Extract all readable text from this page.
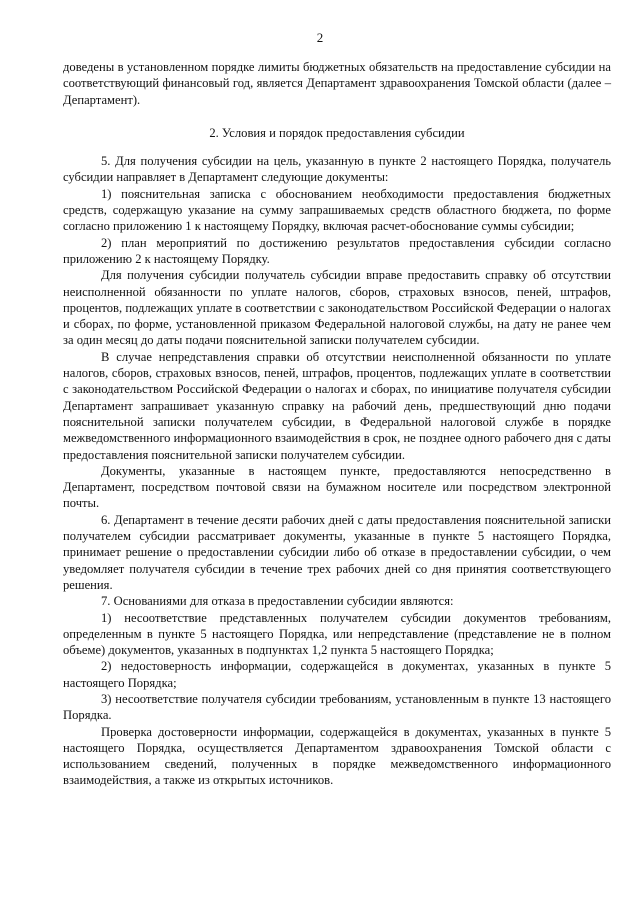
2

доведены в установленном порядке лимиты бюджетных обязательств на предоставление субсидии на соответствующий финансовый год, является Департамент здравоохранения Томской области (далее – Департамент).

2. Условия и порядок предоставления субсидии

5. Для получения субсидии на цель, указанную в пункте 2 настоящего Порядка, получатель субсидии направляет в Департамент следующие документы:

1) пояснительная записка с обоснованием необходимости предоставления бюджетных средств, содержащую указание на сумму запрашиваемых средств областного бюджета, по форме согласно приложению 1 к настоящему Порядку, включая расчет-обоснование суммы субсидии;

2) план мероприятий по достижению результатов предоставления субсидии согласно приложению 2 к настоящему Порядку.

Для получения субсидии получатель субсидии вправе предоставить справку об отсутствии неисполненной обязанности по уплате налогов, сборов, страховых взносов, пеней, штрафов, процентов, подлежащих уплате в соответствии с законодательством Российской Федерации о налогах и сборах, по форме, установленной приказом Федеральной налоговой службы, на дату не ранее чем за один месяц до даты подачи пояснительной записки получателем субсидии.

В случае непредставления справки об отсутствии неисполненной обязанности по уплате налогов, сборов, страховых взносов, пеней, штрафов, процентов, подлежащих уплате в соответствии с законодательством Российской Федерации о налогах и сборах, по инициативе получателя субсидии Департамент запрашивает указанную справку на рабочий день, предшествующий дню подачи пояснительной записки получателем субсидии, в Федеральной налоговой службе в порядке межведомственного информационного взаимодействия в срок, не позднее одного рабочего дня с даты предоставления пояснительной записки получателем субсидии.

Документы, указанные в настоящем пункте, предоставляются непосредственно в Департамент, посредством почтовой связи на бумажном носителе или посредством электронной почты.

6. Департамент в течение десяти рабочих дней с даты предоставления пояснительной записки получателем субсидии рассматривает документы, указанные в пункте 5 настоящего Порядка, принимает решение о предоставлении субсидии либо об отказе в предоставлении субсидии, о чем уведомляет получателя субсидии в течение трех рабочих дней со дня принятия соответствующего решения.

7. Основаниями для отказа в предоставлении субсидии являются:

1) несоответствие представленных получателем субсидии документов требованиям, определенным в пункте 5 настоящего Порядка, или непредставление (представление не в полном объеме) документов, указанных в подпунктах 1,2 пункта 5 настоящего Порядка;

2) недостоверность информации, содержащейся в документах, указанных в пункте 5 настоящего Порядка;

3) несоответствие получателя субсидии требованиям, установленным в пункте 13 настоящего Порядка.

Проверка достоверности информации, содержащейся в документах, указанных в пункте 5 настоящего Порядка, осуществляется Департаментом здравоохранения Томской области с использованием сведений, полученных в порядке межведомственного информационного взаимодействия, а также из открытых источников.
